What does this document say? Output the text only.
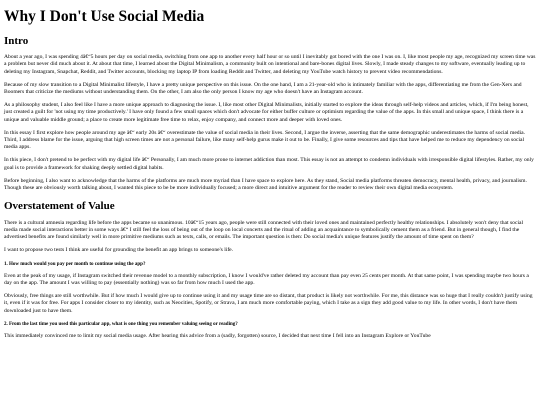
Why I Don't Use Social Media
Intro

About a year ago, I was spending 4â€“5 hours per day on social media, switching from one app to another every half hour or so until I inevitably got bored with the one I was on. I, like most people my age, recognized my screen time was a problem but never did much about it. At about that time, I learned about the Digital Minimalism, a community built on intentional and bare-bones digital lives. Slowly, I made steady changes to my software, eventually leading up to deleting my Instagram, Snapchat, Reddit, and Twitter accounts, blocking my laptop IP from loading Reddit and Twitter, and deleting my YouTube watch history to prevent video recommendations.

Because of my slow transition to a Digital Minimalist lifestyle, I have a pretty unique perspective on this issue. On the one hand, I am a 21-year-old who is intimately familiar with the apps, differentiating me from the Gen-Xers and Boomers that criticize the mediums without understanding them. On the other, I am also the only person I know my age who doesn't have an Instagram account.

As a philosophy student, I also feel like I have a more unique approach to diagnosing the issue. I, like most other Digital Minimalists, initially started to explore the ideas through self-help videos and articles, which, if I'm being honest, just created a guilt for 'not using my time productively.' I have only found a few small spaces which don't advocate for either buffer culture or optimism regarding the value of the apps. In this small and unique space, I think there is a unique and valuable middle ground; a place to create more legitimate free time to relax, enjoy company, and connect more and deeper with loved ones.

In this essay I first explore how people around my age â€“ early 20s â€“ overestimate the value of social media in their lives. Second, I argue the inverse, asserting that the same demographic underestimates the harms of social media. Third, I address blame for the issue, arguing that high screen times are not a personal failure, like many self-help gurus make it out to be. Finally, I give some resources and tips that have helped me to reduce my dependency on social media apps.

In this piece, I don't pretend to be perfect with my digital life â€“ Personally, I am much more prone to internet addiction than most. This essay is not an attempt to condemn individuals with irresponsible digital lifestyles. Rather, my only goal is to provide a framework for shaking deeply settled digital habits.

Before beginning, I also want to acknowledge that the harms of the platforms are much more myriad than I have space to explore here. As they stand, Social media platforms threaten democracy, mental health, privacy, and journalism. Though these are obviously worth talking about, I wanted this piece to be be more individually focused; a more direct and intuitive argument for the reader to review their own digital media ecosystem.

Overstatement of Value

There is a cultural amnesia regarding life before the apps became so unanimous. 10â€“15 years ago, people were still connected with their loved ones and maintained perfectly healthy relationships. I absolutely won't deny that social media made social interactions better in some ways â€“ I still feel the loss of being out of the loop on local concerts and the ritual of adding an acquaintance to symbolically cement them as a friend. But in general though, I find the advertised benefits are found similarly well in more primitive mediums such as texts, calls, or emails. The important question is then: Do social media's unique features justify the amount of time spent on them?

I want to propose two tests I think are useful for grounding the benefit an app brings to someone's life.

1. How much would you pay per month to continue using the app?

Even at the peak of my usage, if Instagram switched their revenue model to a monthly subscription, I know I would've rather deleted my account than pay even 25 cents per month. At that same point, I was spending maybe two hours a day on the app. The amount I was willing to pay (essentially nothing) was so far from how much I used the app.

Obviously, free things are still worthwhile. But if how much I would give up to continue using it and my usage time are so distant, that product is likely not worthwhile. For me, this distance was so huge that I really couldn't justify using it, even if it was for free. For apps I consider closer to my identity, such as Neocities, Spotify, or Strava, I am much more comfortable paying, which I take as a sign they add good value to my life. In other words, I don't have them downloaded just to have them.

2. From the last time you used this particular app, what is one thing you remember valuing seeing or reading?

This immediately convinced me to limit my social media usage. After hearing this advice from a (sadly, forgotten) source, I decided that next time I fell into an Instagram Explore or YouTube
